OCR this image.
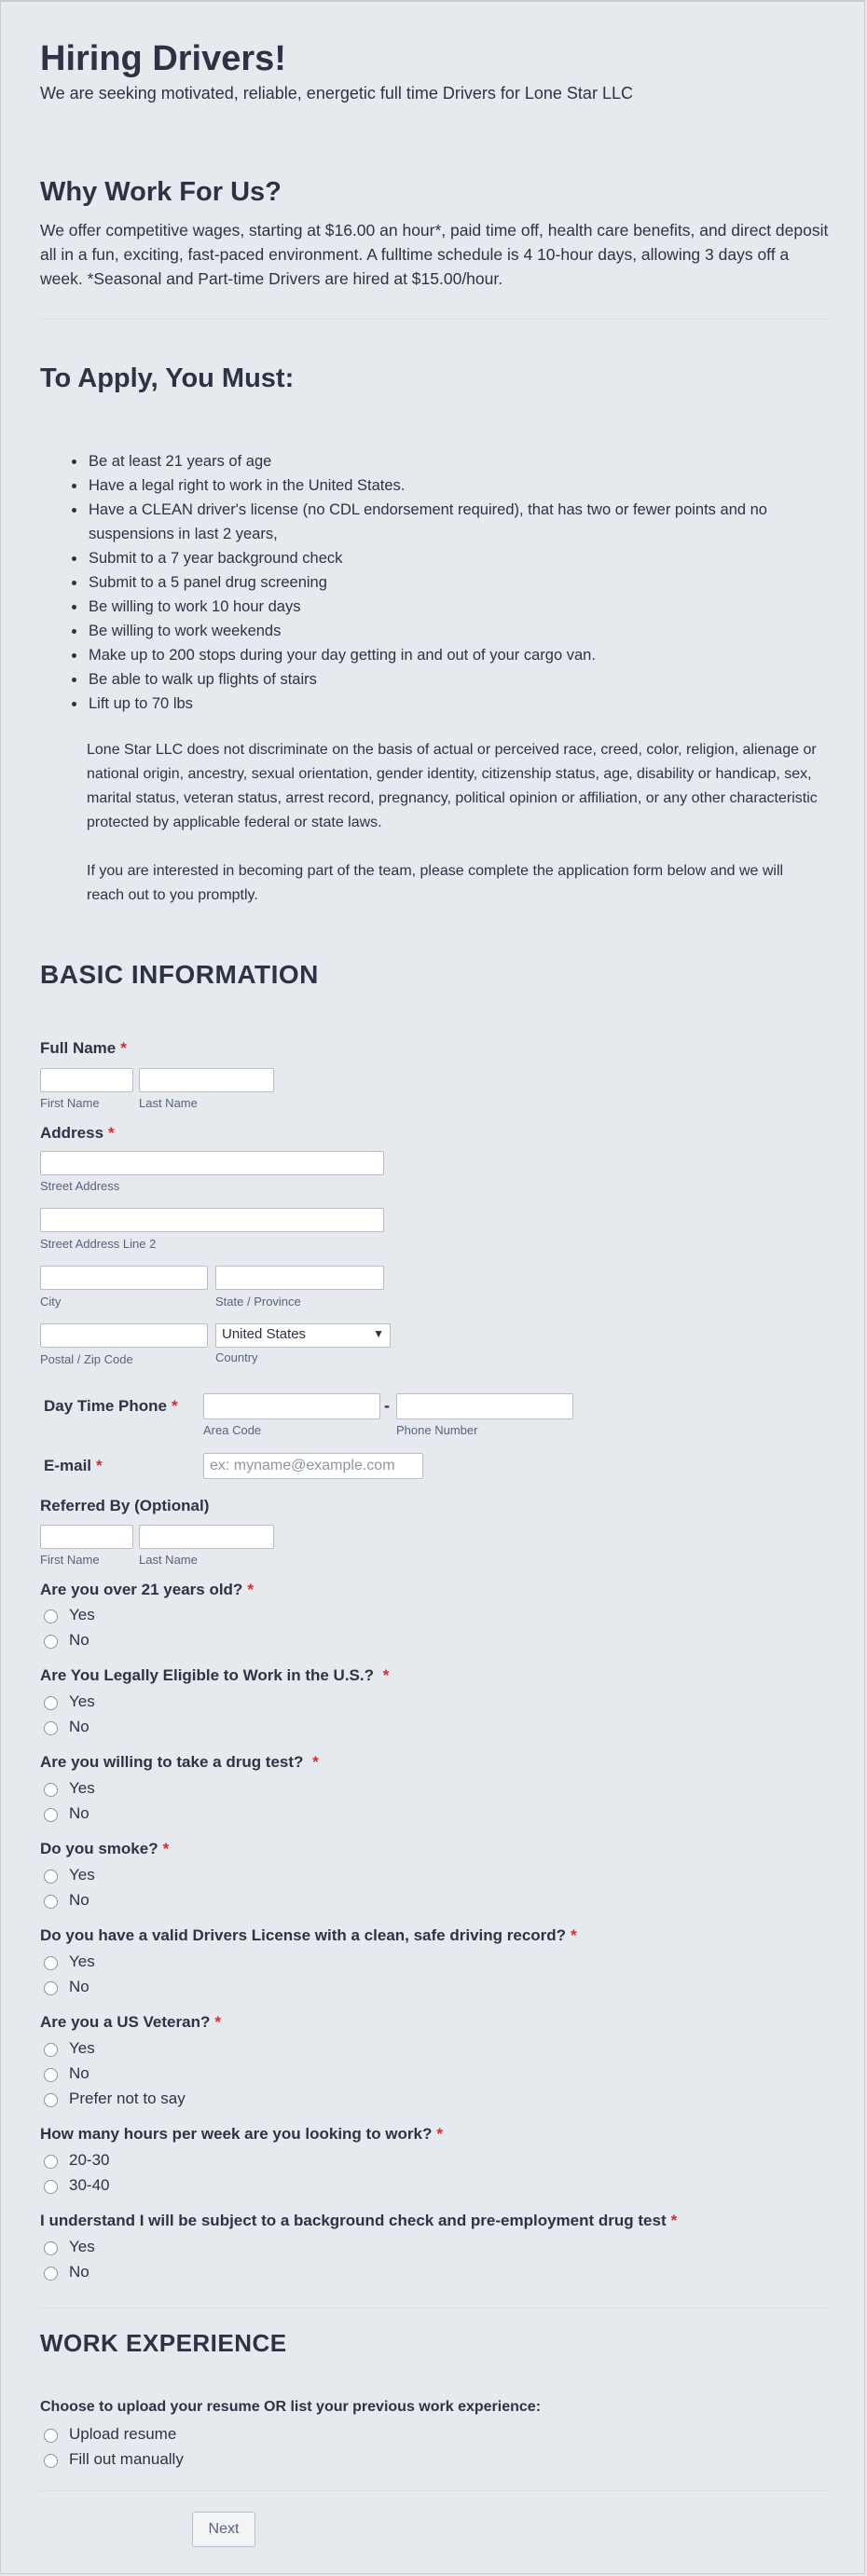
Hiring Drivers!
We are seeking motivated, reliable, energetic full time Drivers for Lone Star LLC
Why Work For Us?
We offer competitive wages, starting at $16.00 an hour*, paid time off, health care benefits, and direct deposit all in a fun, exciting, fast-paced environment. A fulltime schedule is 4 10-hour days, allowing 3 days off a week. *Seasonal and Part-time Drivers are hired at $15.00/hour.
To Apply, You Must:
• Be at least 21 years of age
• Have a legal right to work in the United States.
• Have a CLEAN driver's license (no CDL endorsement required), that has two or fewer points and no suspensions in last 2 years,
• Submit to a 7 year background check
• Submit to a 5 panel drug screening
• Be willing to work 10 hour days
• Be willing to work weekends
• Make up to 200 stops during your day getting in and out of your cargo van.
• Be able to walk up flights of stairs
• Lift up to 70 lbs
Lone Star LLC does not discriminate on the basis of actual or perceived race, creed, color, religion, alienage or national origin, ancestry, sexual orientation, gender identity, citizenship status, age, disability or handicap, sex, marital status, veteran status, arrest record, pregnancy, political opinion or affiliation, or any other characteristic protected by applicable federal or state laws.
If you are interested in becoming part of the team, please complete the application form below and we will reach out to you promptly.
BASIC INFORMATION
Full Name *
First Name	Last Name
Address *
Street Address
Street Address Line 2
City	State / Province
United States	▼
Postal / Zip Code	Country
Day Time Phone *	-
Area Code	Phone Number
E-mail *
ex: myname@example.com
Referred By (Optional)
First Name	Last Name
Are you over 21 years old? *
Yes
No
Are You Legally Eligible to Work in the U.S.? *
Yes
No
Are you willing to take a drug test? *
Yes
No
Do you smoke? *
Yes
No
Do you have a valid Drivers License with a clean, safe driving record? *
Yes
No
Are you a US Veteran? *
Yes
No
Prefer not to say
How many hours per week are you looking to work? *
20-30
30-40
I understand I will be subject to a background check and pre-employment drug test *
Yes
No
WORK EXPERIENCE
Choose to upload your resume OR list your previous work experience:
Upload resume
Fill out manually
Next
